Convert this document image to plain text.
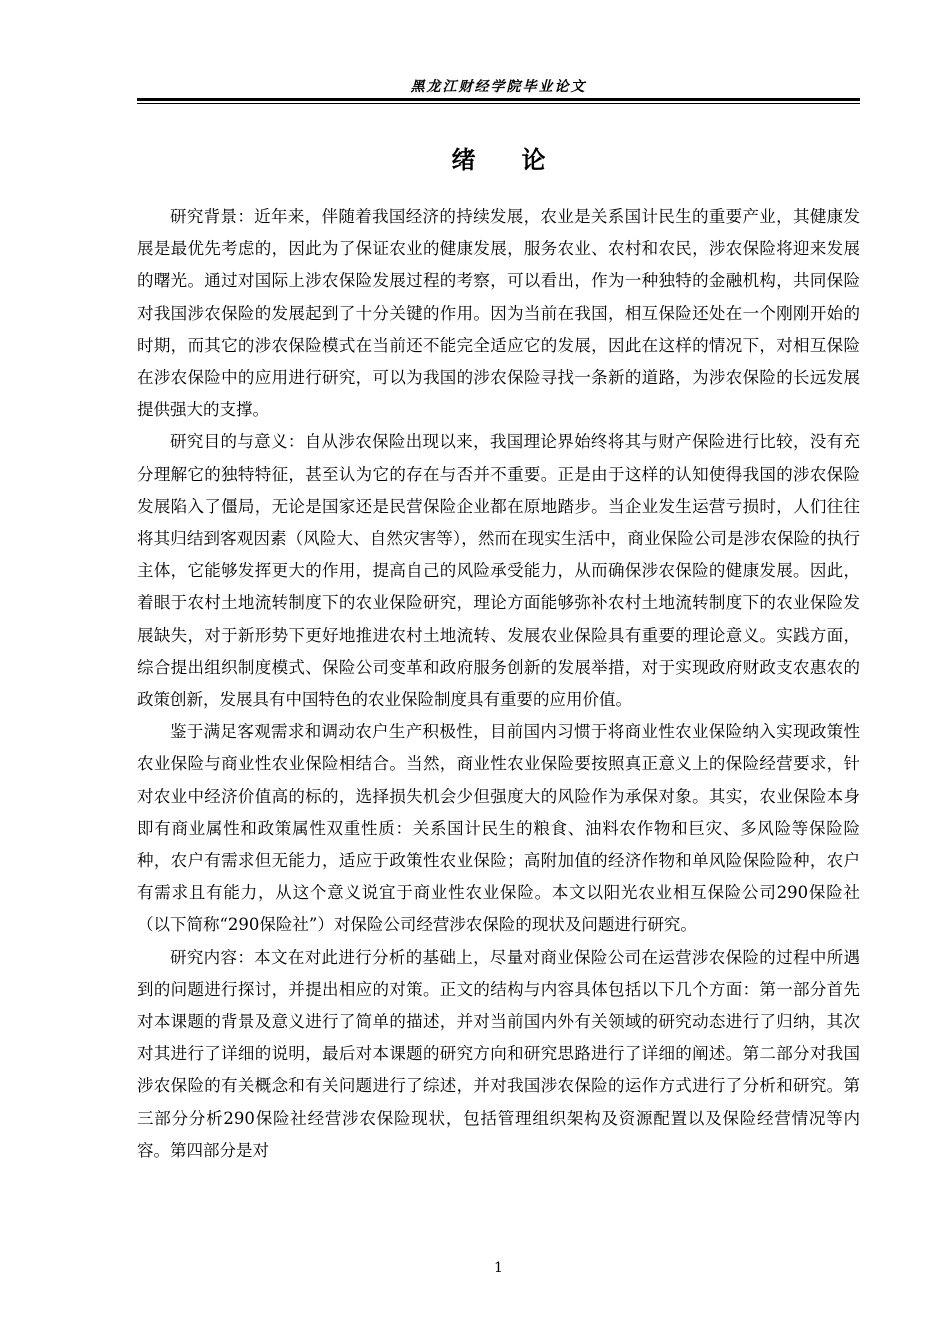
黑龙江财经学院毕业论文
绪论

研究背景：近年来，伴随着我国经济的持续发展，农业是关系国计民生的重要产业，其健康发展是最优先考虑的，因此为了保证农业的健康发展，服务农业、农村和农民，涉农保险将迎来发展的曙光。通过对国际上涉农保险发展过程的考察，可以看出，作为一种独特的金融机构，共同保险对我国涉农保险的发展起到了十分关键的作用。因为当前在我国，相互保险还处在一个刚刚开始的时期，而其它的涉农保险模式在当前还不能完全适应它的发展，因此在这样的情况下，对相互保险在涉农保险中的应用进行研究，可以为我国的涉农保险寻找一条新的道路，为涉农保险的长远发展提供强大的支撑。

研究目的与意义：自从涉农保险出现以来，我国理论界始终将其与财产保险进行比较，没有充分理解它的独特特征，甚至认为它的存在与否并不重要。正是由于这样的认知使得我国的涉农保险发展陷入了僵局，无论是国家还是民营保险企业都在原地踏步。当企业发生运营亏损时，人们往往将其归结到客观因素（风险大、自然灾害等），然而在现实生活中，商业保险公司是涉农保险的执行主体，它能够发挥更大的作用，提高自己的风险承受能力，从而确保涉农保险的健康发展。因此，着眼于农村土地流转制度下的农业保险研究，理论方面能够弥补农村土地流转制度下的农业保险发展缺失，对于新形势下更好地推进农村土地流转、发展农业保险具有重要的理论意义。实践方面，综合提出组织制度模式、保险公司变革和政府服务创新的发展举措，对于实现政府财政支农惠农的政策创新，发展具有中国特色的农业保险制度具有重要的应用价值。

鉴于满足客观需求和调动农户生产积极性，目前国内习惯于将商业性农业保险纳入实现政策性农业保险与商业性农业保险相结合。当然，商业性农业保险要按照真正意义上的保险经营要求，针对农业中经济价值高的标的，选择损失机会少但强度大的风险作为承保对象。其实，农业保险本身即有商业属性和政策属性双重性质：关系国计民生的粮食、油料农作物和巨灾、多风险等保险险种，农户有需求但无能力，适应于政策性农业保险；高附加值的经济作物和单风险保险险种，农户有需求且有能力，从这个意义说宜于商业性农业保险。本文以阳光农业相互保险公司290保险社（以下简称“290保险社”）对保险公司经营涉农保险的现状及问题进行研究。

研究内容：本文在对此进行分析的基础上，尽量对商业保险公司在运营涉农保险的过程中所遇到的问题进行探讨，并提出相应的对策。正文的结构与内容具体包括以下几个方面：第一部分首先对本课题的背景及意义进行了简单的描述，并对当前国内外有关领域的研究动态进行了归纳，其次对其进行了详细的说明，最后对本课题的研究方向和研究思路进行了详细的阐述。第二部分对我国涉农保险的有关概念和有关问题进行了综述，并对我国涉农保险的运作方式进行了分析和研究。第三部分分析290保险社经营涉农保险现状，包括管理组织架构及资源配置以及保险经营情况等内容。第四部分是对

1
